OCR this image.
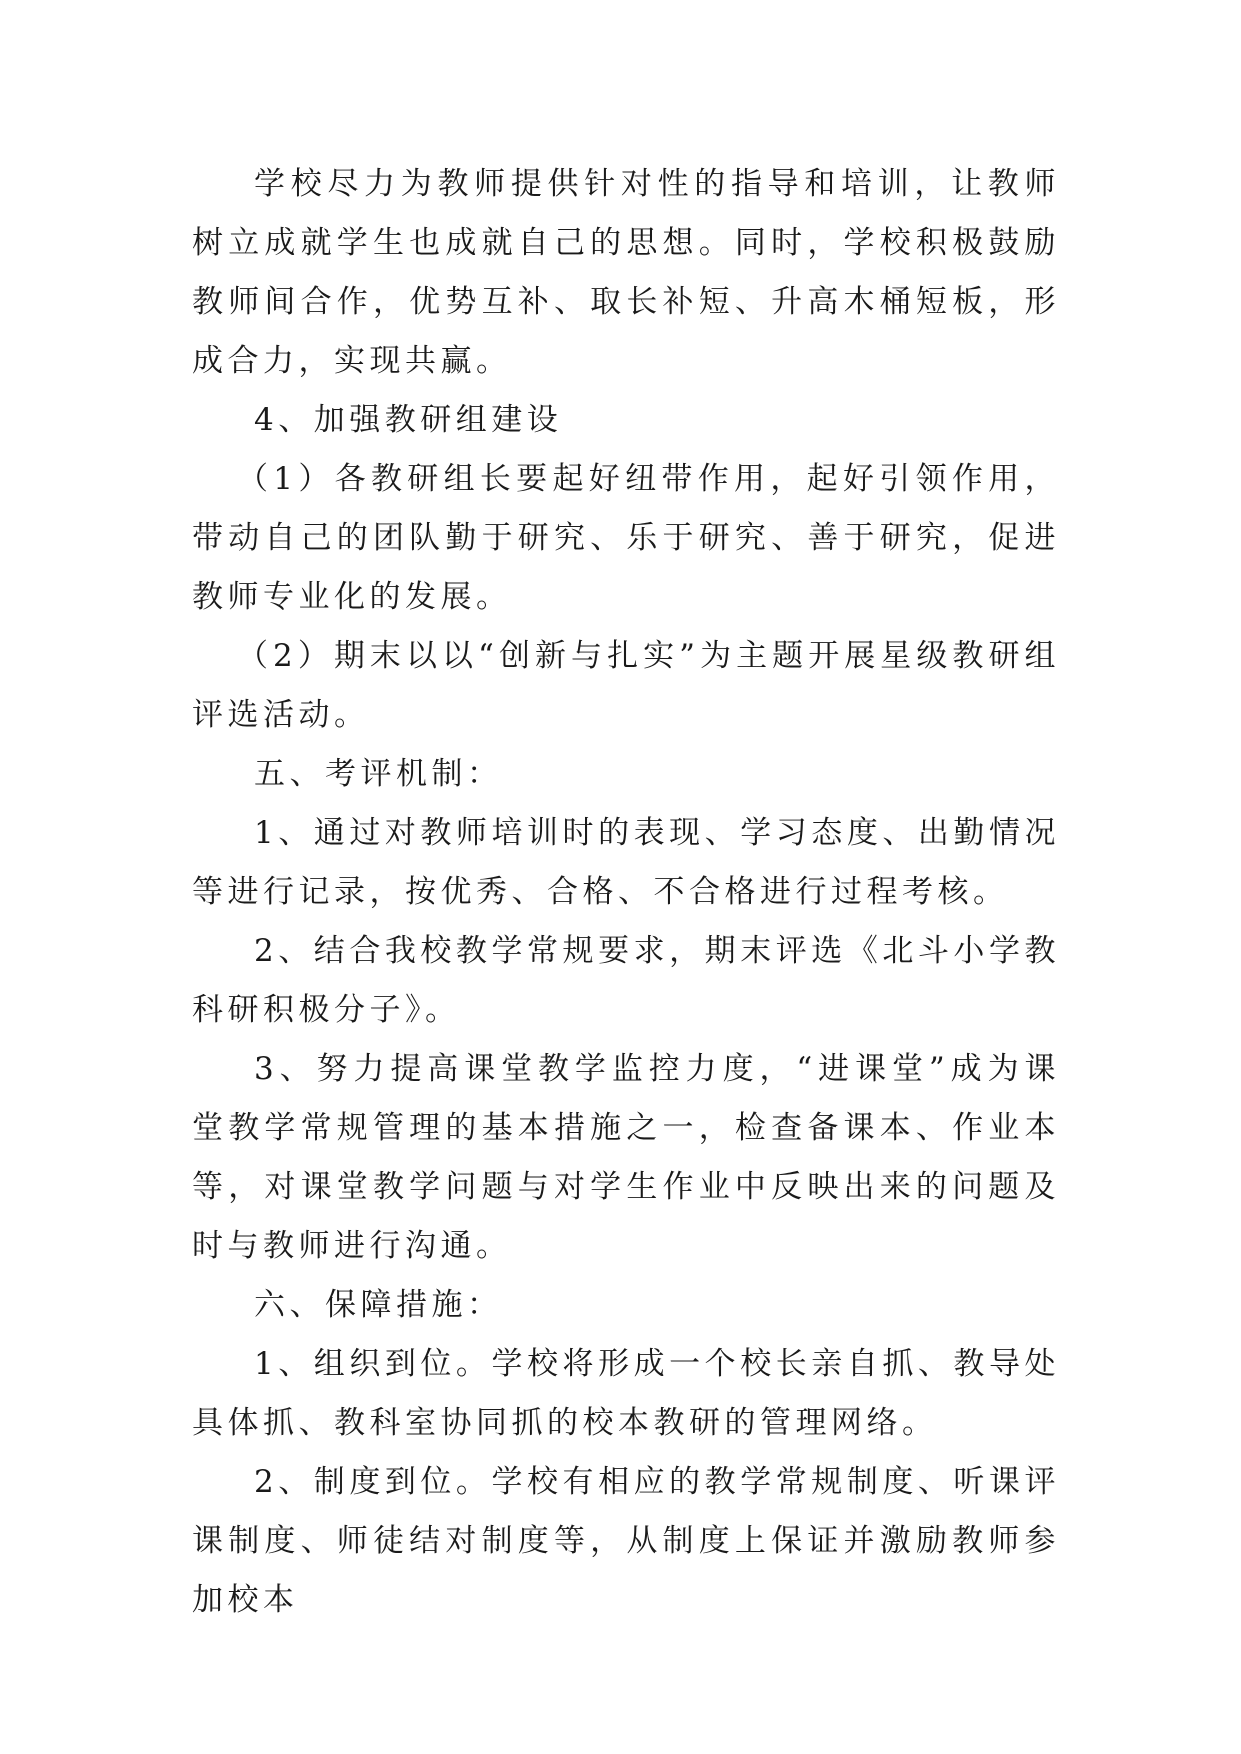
学校尽力为教师提供针对性的指导和培训，让教师树立成就学生也成就自己的思想。同时，学校积极鼓励教师间合作，优势互补、取长补短、升高木桶短板，形成合力，实现共赢。

4、加强教研组建设

（1）各教研组长要起好纽带作用，起好引领作用，带动自己的团队勤于研究、乐于研究、善于研究，促进教师专业化的发展。

（2）期末以以“创新与扎实”为主题开展星级教研组评选活动。

五、考评机制：

1、通过对教师培训时的表现、学习态度、出勤情况等进行记录，按优秀、合格、不合格进行过程考核。

2、结合我校教学常规要求，期末评选《北斗小学教科研积极分子》。

3、努力提高课堂教学监控力度，“进课堂”成为课堂教学常规管理的基本措施之一，检查备课本、作业本等，对课堂教学问题与对学生作业中反映出来的问题及时与教师进行沟通。

六、保障措施：

1、组织到位。学校将形成一个校长亲自抓、教导处具体抓、教科室协同抓的校本教研的管理网络。

2、制度到位。学校有相应的教学常规制度、听课评课制度、师徒结对制度等，从制度上保证并激励教师参加校本
